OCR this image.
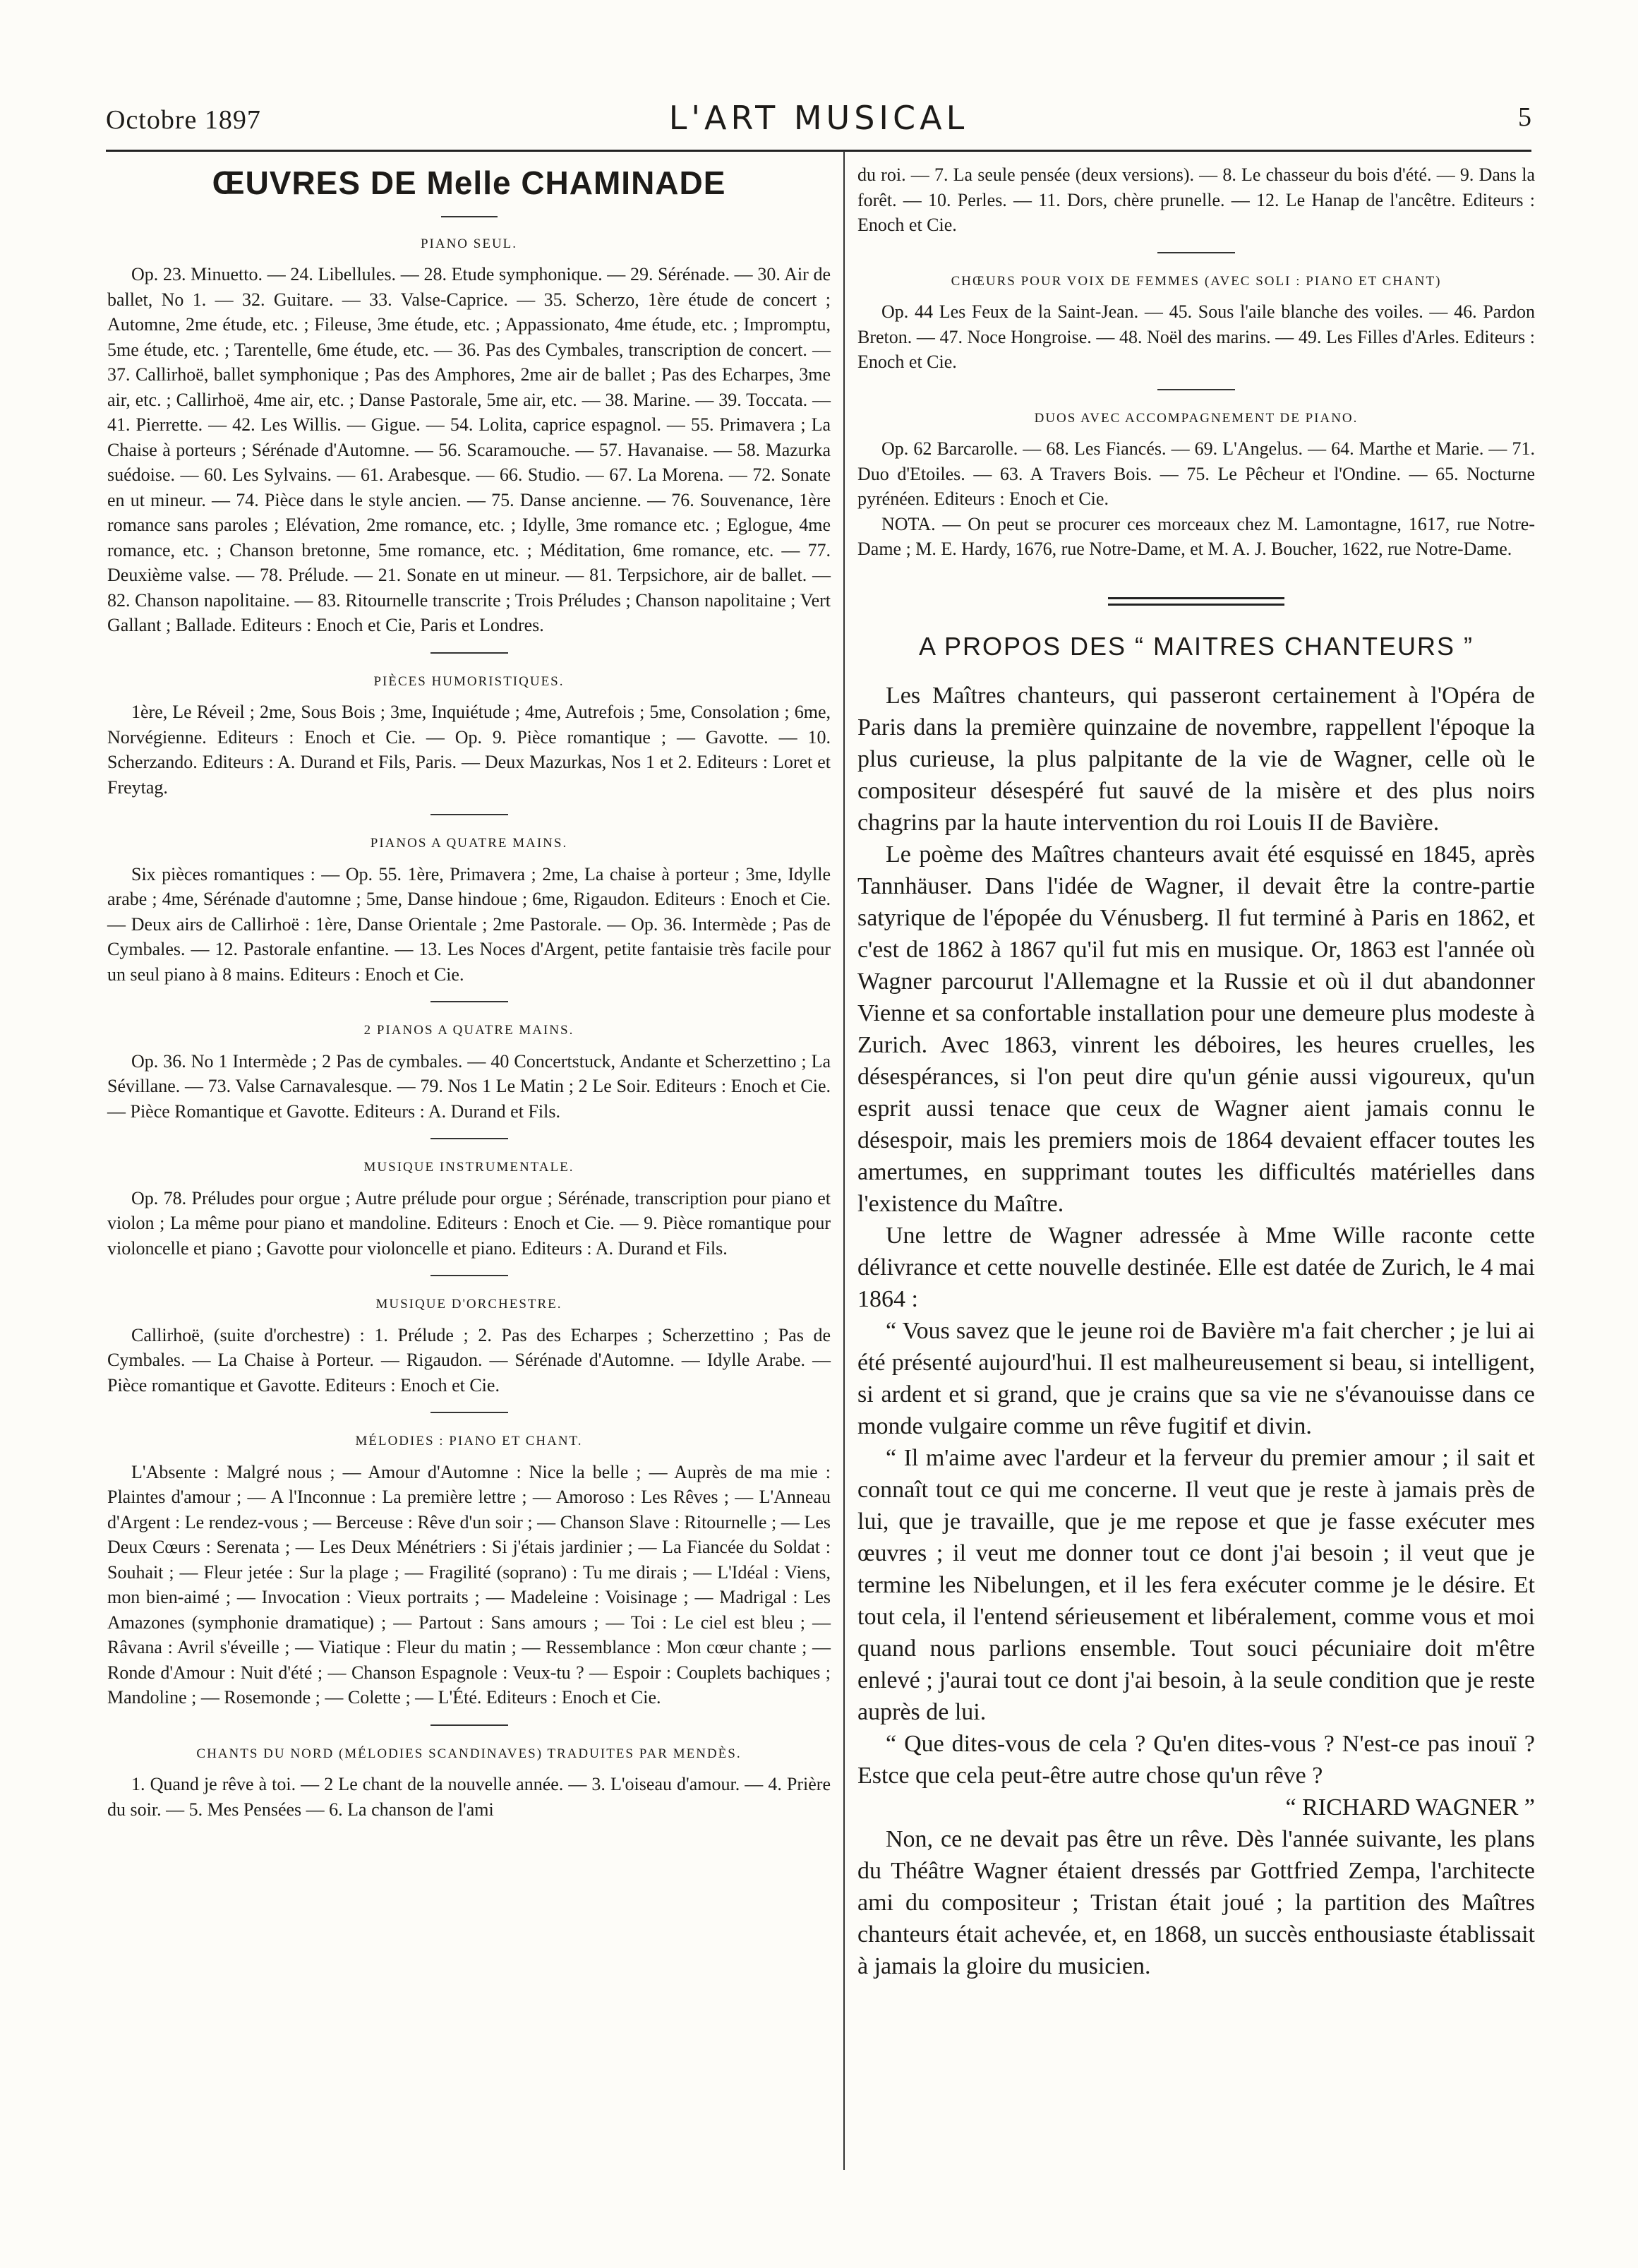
Octobre 1897	L'ART MUSICAL	5
ŒUVRES DE Melle CHAMINADE
PIANO SEUL.

Op. 23. Minuetto. — 24. Libellules. — 28. Etude symphonique. — 29. Sérénade. — 30. Air de ballet, No 1. — 32. Guitare. — 33. Valse-Caprice. — 35. Scherzo, 1ère étude de concert ; Automne, 2me étude, etc. ; Fileuse, 3me étude, etc. ; Appassionato, 4me étude, etc. ; Impromptu, 5me étude, etc. ; Tarentelle, 6me étude, etc. — 36. Pas des Cymbales, transcription de concert. — 37. Callirhoë, ballet symphonique ; Pas des Amphores, 2me air de ballet ; Pas des Echarpes, 3me air, etc. ; Callirhoë, 4me air, etc. ; Danse Pastorale, 5me air, etc. — 38. Marine. — 39. Toccata. — 41. Pierrette. — 42. Les Willis. — Gigue. — 54. Lolita, caprice espagnol. — 55. Primavera ; La Chaise à porteurs ; Sérénade d'Automne. — 56. Scaramouche. — 57. Havanaise. — 58. Mazurka suédoise. — 60. Les Sylvains. — 61. Arabesque. — 66. Studio. — 67. La Morena. — 72. Sonate en ut mineur. — 74. Pièce dans le style ancien. — 75. Danse ancienne. — 76. Souvenance, 1ère romance sans paroles ; Elévation, 2me romance, etc. ; Idylle, 3me romance etc. ; Eglogue, 4me romance, etc. ; Chanson bretonne, 5me romance, etc. ; Méditation, 6me romance, etc. — 77. Deuxième valse. — 78. Prélude. — 21. Sonate en ut mineur. — 81. Terpsichore, air de ballet. — 82. Chanson napolitaine. — 83. Ritournelle transcrite ; Trois Préludes ; Chanson napolitaine ; Vert Gallant ; Ballade. Editeurs : Enoch et Cie, Paris et Londres.

PIÈCES HUMORISTIQUES.

1ère, Le Réveil ; 2me, Sous Bois ; 3me, Inquiétude ; 4me, Autrefois ; 5me, Consolation ; 6me, Norvégienne. Editeurs : Enoch et Cie. — Op. 9. Pièce romantique ; — Gavotte. — 10. Scherzando. Editeurs : A. Durand et Fils, Paris. — Deux Mazurkas, Nos 1 et 2. Editeurs : Loret et Freytag.

PIANOS A QUATRE MAINS.

Six pièces romantiques : — Op. 55. 1ère, Primavera ; 2me, La chaise à porteur ; 3me, Idylle arabe ; 4me, Sérénade d'automne ; 5me, Danse hindoue ; 6me, Rigaudon. Editeurs : Enoch et Cie. — Deux airs de Callirhoë : 1ère, Danse Orientale ; 2me Pastorale. — Op. 36. Intermède ; Pas de Cymbales. — 12. Pastorale enfantine. — 13. Les Noces d'Argent, petite fantaisie très facile pour un seul piano à 8 mains. Editeurs : Enoch et Cie.

2 PIANOS A QUATRE MAINS.

Op. 36. No 1 Intermède ; 2 Pas de cymbales. — 40 Concertstuck, Andante et Scherzettino ; La Sévillane. — 73. Valse Carnavalesque. — 79. Nos 1 Le Matin ; 2 Le Soir. Editeurs : Enoch et Cie. — Pièce Romantique et Gavotte. Editeurs : A. Durand et Fils.

MUSIQUE INSTRUMENTALE.

Op. 78. Préludes pour orgue ; Autre prélude pour orgue ; Sérénade, transcription pour piano et violon ; La même pour piano et mandoline. Editeurs : Enoch et Cie. — 9. Pièce romantique pour violoncelle et piano ; Gavotte pour violoncelle et piano. Editeurs : A. Durand et Fils.

MUSIQUE D'ORCHESTRE.

Callirhoë, (suite d'orchestre) : 1. Prélude ; 2. Pas des Echarpes ; Scherzettino ; Pas de Cymbales. — La Chaise à Porteur. — Rigaudon. — Sérénade d'Automne. — Idylle Arabe. — Pièce romantique et Gavotte. Editeurs : Enoch et Cie.

MÉLODIES : PIANO ET CHANT.

L'Absente : Malgré nous ; — Amour d'Automne : Nice la belle ; — Auprès de ma mie : Plaintes d'amour ; — A l'Inconnue : La première lettre ; — Amoroso : Les Rêves ; — L'Anneau d'Argent : Le rendez-vous ; — Berceuse : Rêve d'un soir ; — Chanson Slave : Ritournelle ; — Les Deux Cœurs : Serenata ; — Les Deux Ménétriers : Si j'étais jardinier ; — La Fiancée du Soldat : Souhait ; — Fleur jetée : Sur la plage ; — Fragilité (soprano) : Tu me dirais ; — L'Idéal : Viens, mon bien-aimé ; — Invocation : Vieux portraits ; — Madeleine : Voisinage ; — Madrigal : Les Amazones (symphonie dramatique) ; — Partout : Sans amours ; — Toi : Le ciel est bleu ; — Râvana : Avril s'éveille ; — Viatique : Fleur du matin ; — Ressemblance : Mon cœur chante ; — Ronde d'Amour : Nuit d'été ; — Chanson Espagnole : Veux-tu ? — Espoir : Couplets bachiques ; Mandoline ; — Rosemonde ; — Colette ; — L'Été. Editeurs : Enoch et Cie.

CHANTS DU NORD (MÉLODIES SCANDINAVES) TRADUITES PAR MENDÈS.

1. Quand je rêve à toi. — 2 Le chant de la nouvelle année. — 3. L'oiseau d'amour. — 4. Prière du soir. — 5. Mes Pensées — 6. La chanson de l'ami

du roi. — 7. La seule pensée (deux versions). — 8. Le chasseur du bois d'été. — 9. Dans la forêt. — 10. Perles. — 11. Dors, chère prunelle. — 12. Le Hanap de l'ancêtre. Editeurs : Enoch et Cie.

CHŒURS POUR VOIX DE FEMMES (AVEC SOLI : PIANO ET CHANT)

Op. 44 Les Feux de la Saint-Jean. — 45. Sous l'aile blanche des voiles. — 46. Pardon Breton. — 47. Noce Hongroise. — 48. Noël des marins. — 49. Les Filles d'Arles. Editeurs : Enoch et Cie.

DUOS AVEC ACCOMPAGNEMENT DE PIANO.

Op. 62 Barcarolle. — 68. Les Fiancés. — 69. L'Angelus. — 64. Marthe et Marie. — 71. Duo d'Etoiles. — 63. A Travers Bois. — 75. Le Pêcheur et l'Ondine. — 65. Nocturne pyrénéen. Editeurs : Enoch et Cie.

NOTA. — On peut se procurer ces morceaux chez M. Lamontagne, 1617, rue Notre-Dame ; M. E. Hardy, 1676, rue Notre-Dame, et M. A. J. Boucher, 1622, rue Notre-Dame.

A PROPOS DES “ MAITRES CHANTEURS ”

Les Maîtres chanteurs, qui passeront certainement à l'Opéra de Paris dans la première quinzaine de novembre, rappellent l'époque la plus curieuse, la plus palpitante de la vie de Wagner, celle où le compositeur désespéré fut sauvé de la misère et des plus noirs chagrins par la haute intervention du roi Louis II de Bavière.

Le poème des Maîtres chanteurs avait été esquissé en 1845, après Tannhäuser. Dans l'idée de Wagner, il devait être la contre-partie satyrique de l'épopée du Vénusberg. Il fut terminé à Paris en 1862, et c'est de 1862 à 1867 qu'il fut mis en musique. Or, 1863 est l'année où Wagner parcourut l'Allemagne et la Russie et où il dut abandonner Vienne et sa confortable installation pour une demeure plus modeste à Zurich. Avec 1863, vinrent les déboires, les heures cruelles, les désespérances, si l'on peut dire qu'un génie aussi vigoureux, qu'un esprit aussi tenace que ceux de Wagner aient jamais connu le désespoir, mais les premiers mois de 1864 devaient effacer toutes les amertumes, en supprimant toutes les difficultés matérielles dans l'existence du Maître.

Une lettre de Wagner adressée à Mme Wille raconte cette délivrance et cette nouvelle destinée. Elle est datée de Zurich, le 4 mai 1864 :

“ Vous savez que le jeune roi de Bavière m'a fait chercher ; je lui ai été présenté aujourd'hui. Il est malheureusement si beau, si intelligent, si ardent et si grand, que je crains que sa vie ne s'évanouisse dans ce monde vulgaire comme un rêve fugitif et divin.

“ Il m'aime avec l'ardeur et la ferveur du premier amour ; il sait et connaît tout ce qui me concerne. Il veut que je reste à jamais près de lui, que je travaille, que je me repose et que je fasse exécuter mes œuvres ; il veut me donner tout ce dont j'ai besoin ; il veut que je termine les Nibelungen, et il les fera exécuter comme je le désire. Et tout cela, il l'entend sérieusement et libéralement, comme vous et moi quand nous parlions ensemble. Tout souci pécuniaire doit m'être enlevé ; j'aurai tout ce dont j'ai besoin, à la seule condition que je reste auprès de lui.

“ Que dites-vous de cela ? Qu'en dites-vous ? N'est-ce pas inouï ? Estce que cela peut-être autre chose qu'un rêve ?

“ RICHARD WAGNER ”

Non, ce ne devait pas être un rêve. Dès l'année suivante, les plans du Théâtre Wagner étaient dressés par Gottfried Zempa, l'architecte ami du compositeur ; Tristan était joué ; la partition des Maîtres chanteurs était achevée, et, en 1868, un succès enthousiaste établissait à jamais la gloire du musicien.
